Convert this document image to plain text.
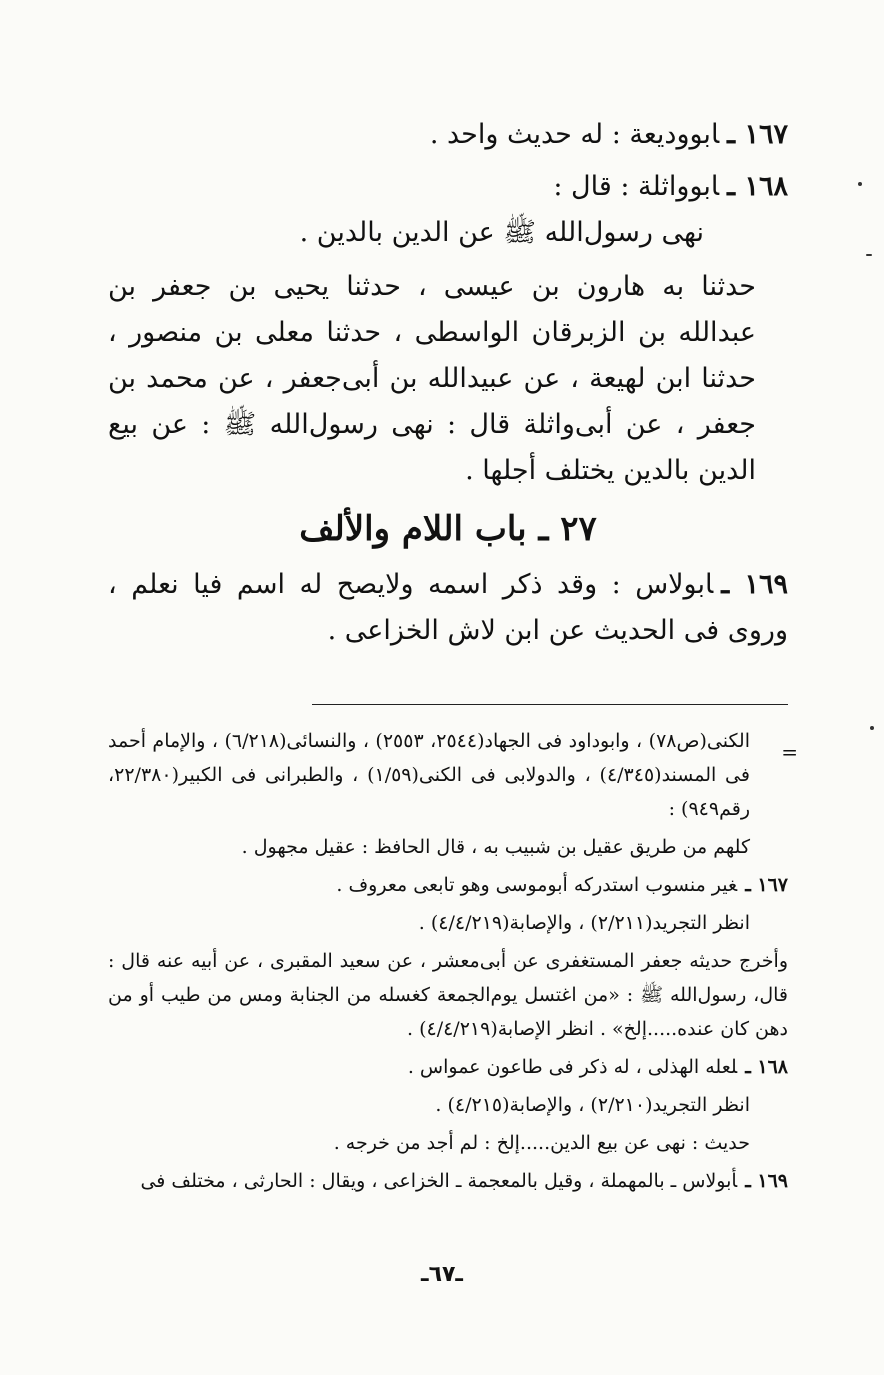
١٦٧ ـابوودیعة : له حديث واحد .

١٦٨ ـابوواثلة : قال :

نهى رسول‌الله ﷺ عن الدين بالدين .

حدثنا به هارون بن عيسى ، حدثنا يحيى بن جعفر بن عبدالله بن الزبرقان الواسطى ، حدثنا معلى بن منصور ، حدثنا ابن لهيعة ، عن عبيدالله بن أبى‌جعفر ، عن محمد بن جعفر ، عن أبى‌واثلة قال : نهى رسول‌الله ﷺ : عن بيع الدين بالدين يختلف أجلها .

٢٧ ـ باب اللام والألف

١٦٩ ـابولاس : وقد ذكر اسمه ولايصح له اسم فيا نعلم ، وروى فى الحديث عن ابن لاش الخزاعى .

=

الكنى(ص٧٨) ، وابوداود فى الجهاد(٢٥٤٤، ٢٥٥٣) ، والنسائى(٦/٢١٨) ، والإمام أحمد فى المسند(٤/٣٤٥) ، والدولابى فى الكنى(١/٥٩) ، والطبرانى فى الكبير(٢٢/٣٨٠، رقم٩٤٩) :

كلهم من طريق عقيل بن شبيب به ، قال الحافظ : عقيل مجهول .

١٦٧ ـغير منسوب استدركه أبوموسى وهو تابعى معروف .

انظر التجريد(٢/٢١١) ، والإصابة(٤/٤/٢١٩) .

وأخرج حديثه جعفر المستغفرى عن أبى‌معشر ، عن سعيد المقبرى ، عن أبيه عنه قال : قال، رسول‌الله ﷺ : «من اغتسل يوم‌الجمعة كغسله من الجنابة ومس من طيب أو من دهن كان عنده.....إلخ» . انظر الإصابة(٤/٤/٢١٩) .

١٦٨ ـلعله الهذلى ، له ذكر فى طاعون عمواس .

انظر التجريد(٢/٢١٠) ، والإصابة(٤/٢١٥) .

حديث : نهى عن بيع الدين.....إلخ : لم أجد من خرجه .

١٦٩ ـأبولاس ـ بالمهملة ، وقيل بالمعجمة ـ الخزاعى ، ويقال : الحارثى ، مختلف فى

ـ٦٧ـ
